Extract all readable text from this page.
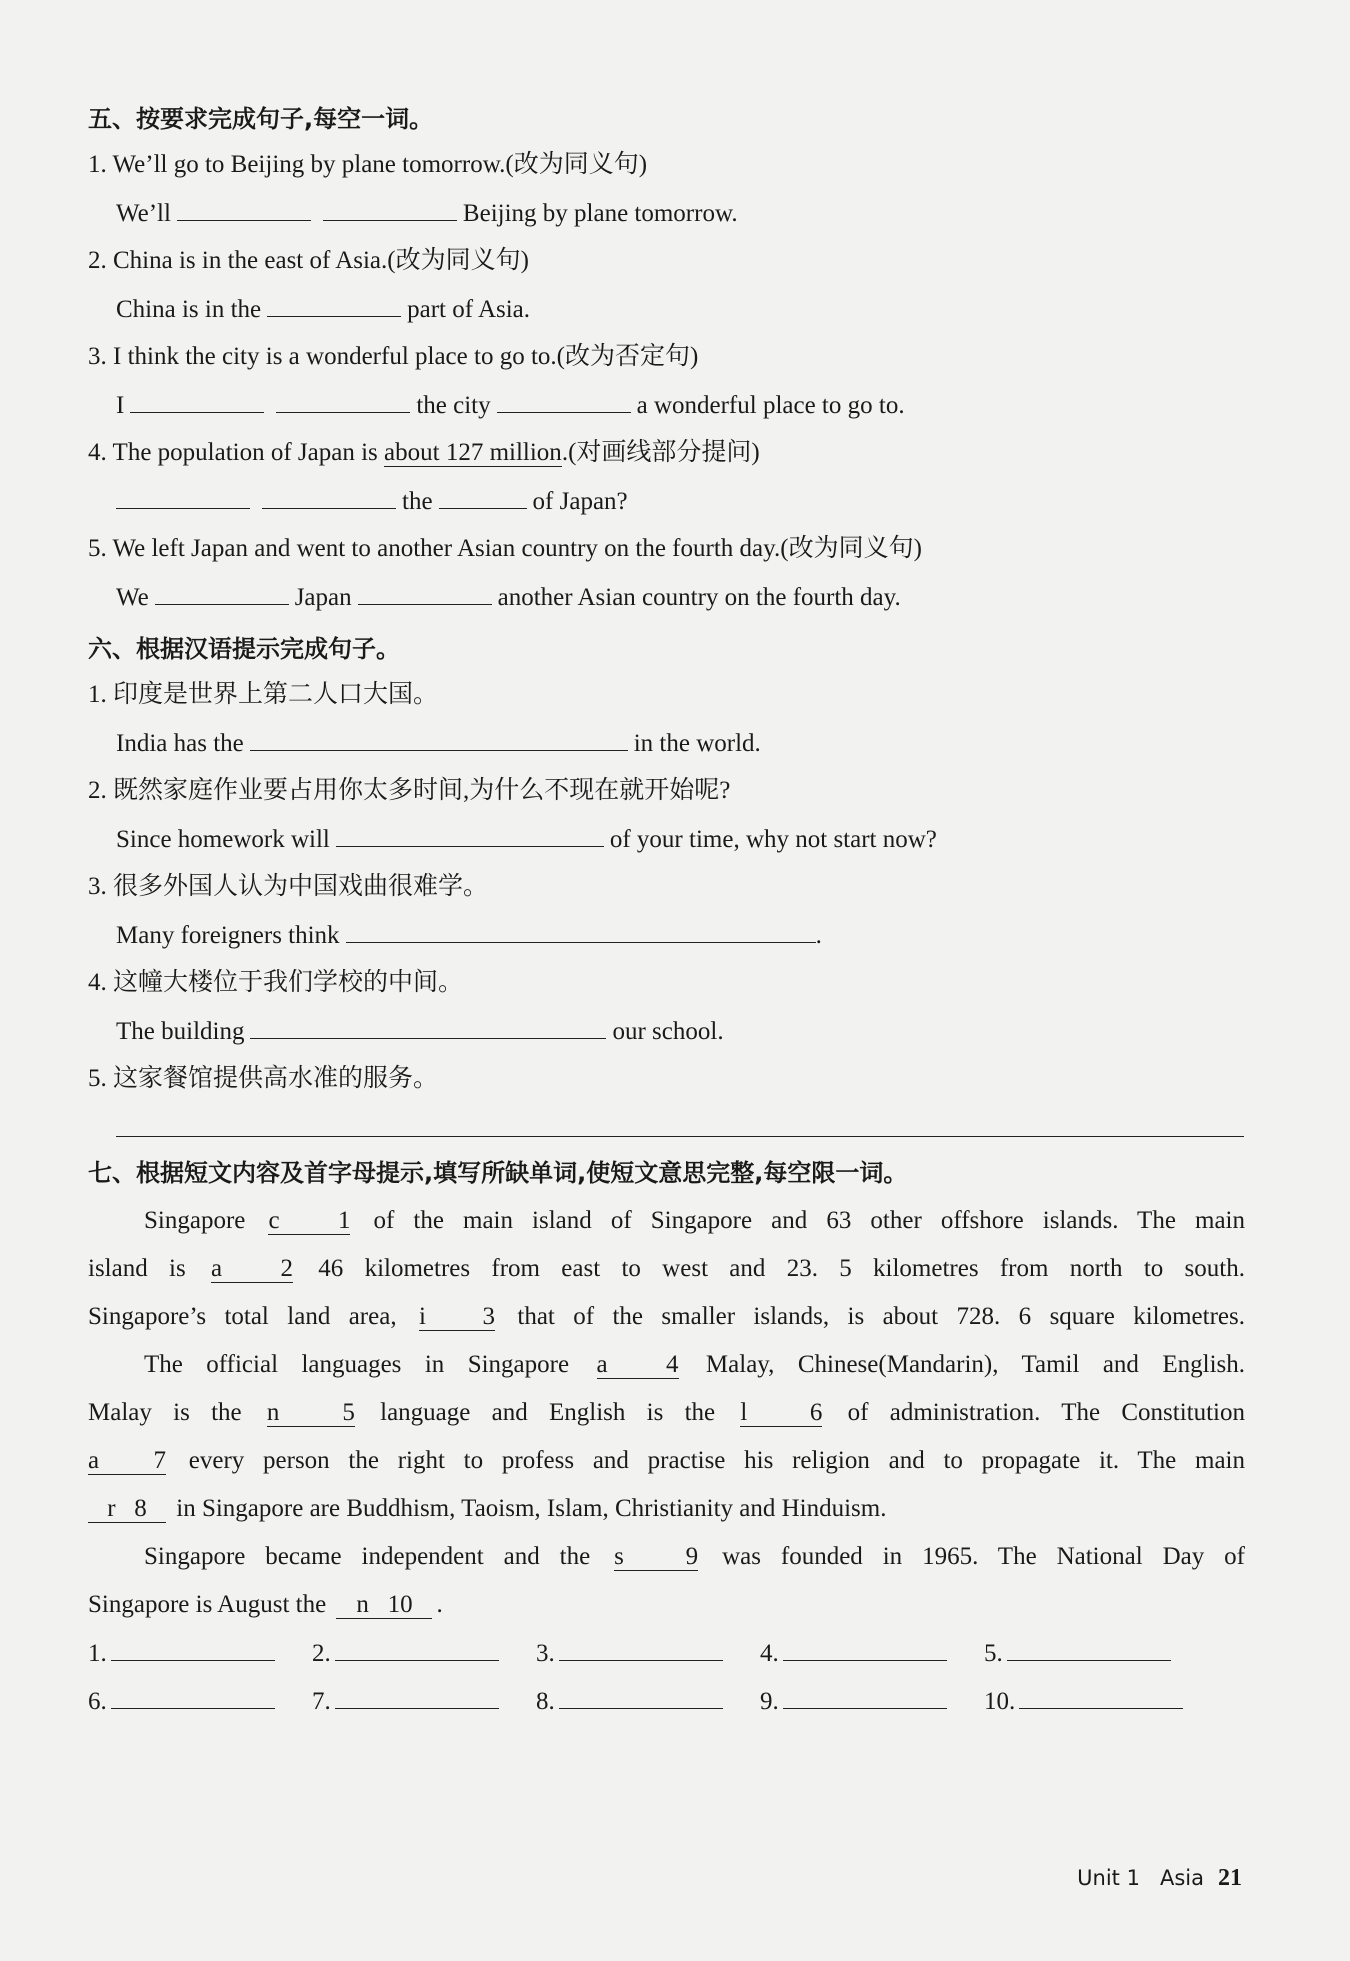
五、按要求完成句子,每空一词。
1. We’ll go to Beijing by plane tomorrow.(改为同义句)
We’ll	Beijing by plane tomorrow.
2. China is in the east of Asia.(改为同义句)
China is in the	part of Asia.
3. I think the city is a wonderful place to go to.(改为否定句)
I	the city	a wonderful place to go to.
4. The population of Japan is about 127 million.(对画线部分提问)
the	of Japan?
5. We left Japan and went to another Asian country on the fourth day.(改为同义句)
We	Japan	another Asian country on the fourth day.
六、根据汉语提示完成句子。
1. 印度是世界上第二人口大国。
India has the	in the world.
2. 既然家庭作业要占用你太多时间,为什么不现在就开始呢?
Since homework will	of your time, why not start now?
3. 很多外国人认为中国戏曲很难学。
Many foreigners think	.
4. 这幢大楼位于我们学校的中间。
The building	our school.
5. 这家餐馆提供高水准的服务。
七、根据短文内容及首字母提示,填写所缺单词,使短文意思完整,每空限一词。
Singapore c 1 of the main island of Singapore and 63 other offshore islands. The main
island is a 2 46 kilometres from east to west and 23. 5 kilometres from north to south.
Singapore’s total land area, i 3 that of the smaller islands, is about 728. 6 square kilometres.
The official languages in Singapore a 4 Malay, Chinese(Mandarin), Tamil and English.
Malay is the n	5 language and English is the l	6 of administration. The Constitution
a 7 every person the right to profess and practise his religion and to propagate it. The main
r 8 in Singapore are Buddhism, Taoism, Islam, Christianity and Hinduism.
Singapore became independent and the s 9 was founded in 1965. The National Day of
Singapore is August the n 10 .
1.	2.	3.	4.	5.
6.	7.	8.	9.	10.
Unit 1 Asia 21
